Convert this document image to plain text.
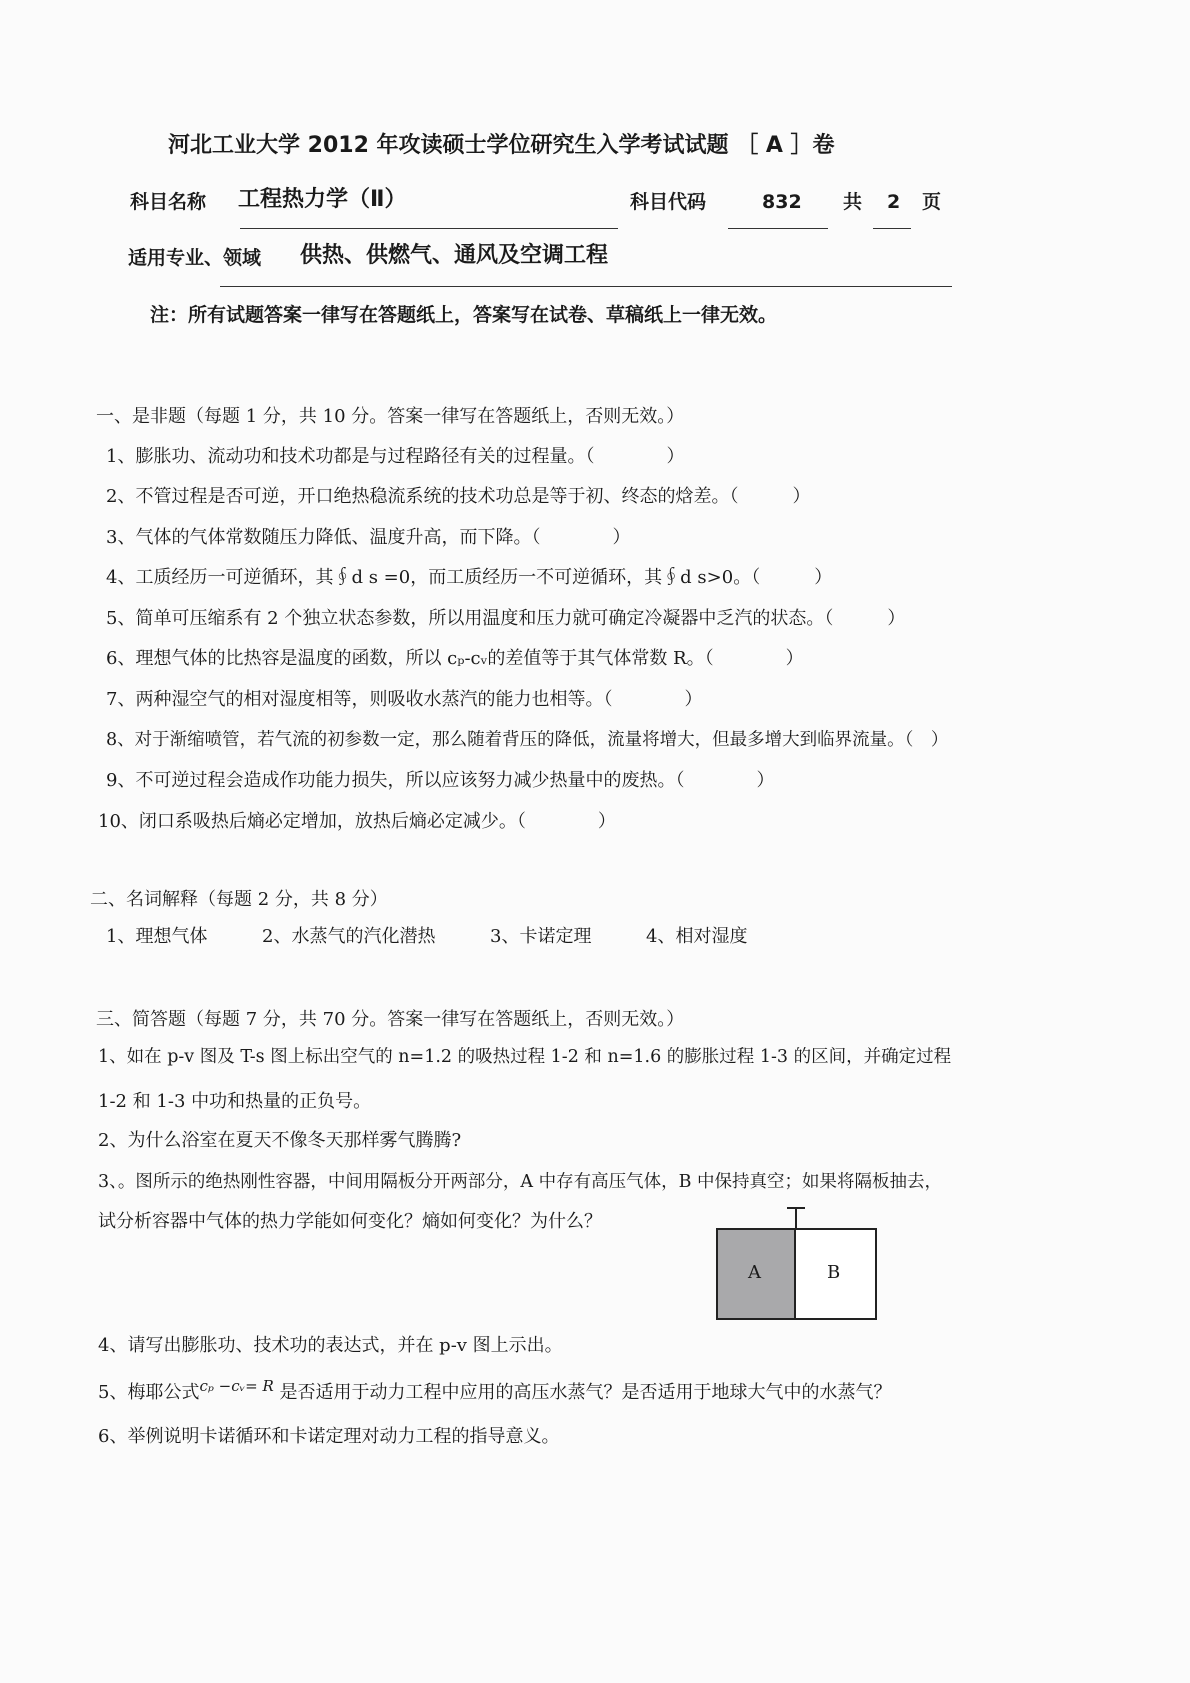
河北工业大学 2012 年攻读硕士学位研究生入学考试试题 ［ A ］卷
科目名称 工程热力学（Ⅱ）	科目代码	832 共 2 页
适用专业、领域 供热、供燃气、通风及空调工程
注：所有试题答案一律写在答题纸上，答案写在试卷、草稿纸上一律无效。
一、是非题（每题 1 分，共 10 分。答案一律写在答题纸上，否则无效。）
1、膨胀功、流动功和技术功都是与过程路径有关的过程量。（　　　　）
2、不管过程是否可逆，开口绝热稳流系统的技术功总是等于初、终态的焓差。（　　　）
3、气体的气体常数随压力降低、温度升高，而下降。（　　　　）
4、工质经历一可逆循环，其∮d s =0，而工质经历一不可逆循环，其∮d s>0。（　　　）
5、简单可压缩系有 2 个独立状态参数，所以用温度和压力就可确定冷凝器中乏汽的状态。（　　　）
6、理想气体的比热容是温度的函数，所以 cₚ-cᵥ的差值等于其气体常数 R。（　　　　）
7、两种湿空气的相对湿度相等，则吸收水蒸汽的能力也相等。（　　　　）
8、对于渐缩喷管，若气流的初参数一定，那么随着背压的降低，流量将增大，但最多增大到临界流量。（　）
9、不可逆过程会造成作功能力损失，所以应该努力减少热量中的废热。（　　　　）
10、闭口系吸热后熵必定增加，放热后熵必定减少。（　　　　）
二、名词解释（每题 2 分，共 8 分）
1、理想气体	2、水蒸气的汽化潜热	3、卡诺定理	4、相对湿度
三、简答题（每题 7 分，共 70 分。答案一律写在答题纸上，否则无效。）
1、如在 p-v 图及 T-s 图上标出空气的 n=1.2 的吸热过程 1-2 和 n=1.6 的膨胀过程 1-3 的区间，并确定过程
1-2 和 1-3 中功和热量的正负号。
2、为什么浴室在夏天不像冬天那样雾气腾腾?
3、。图所示的绝热刚性容器，中间用隔板分开两部分，A 中存有高压气体，B 中保持真空；如果将隔板抽去，
试分析容器中气体的热力学能如何变化？熵如何变化？为什么？
A	B
4、请写出膨胀功、技术功的表达式，并在 p-v 图上示出。
5、梅耶公式$^{c_p -cᵥ= R}$ 是否适用于动力工程中应用的高压水蒸气？是否适用于地球大气中的水蒸气？
6、举例说明卡诺循环和卡诺定理对动力工程的指导意义。
